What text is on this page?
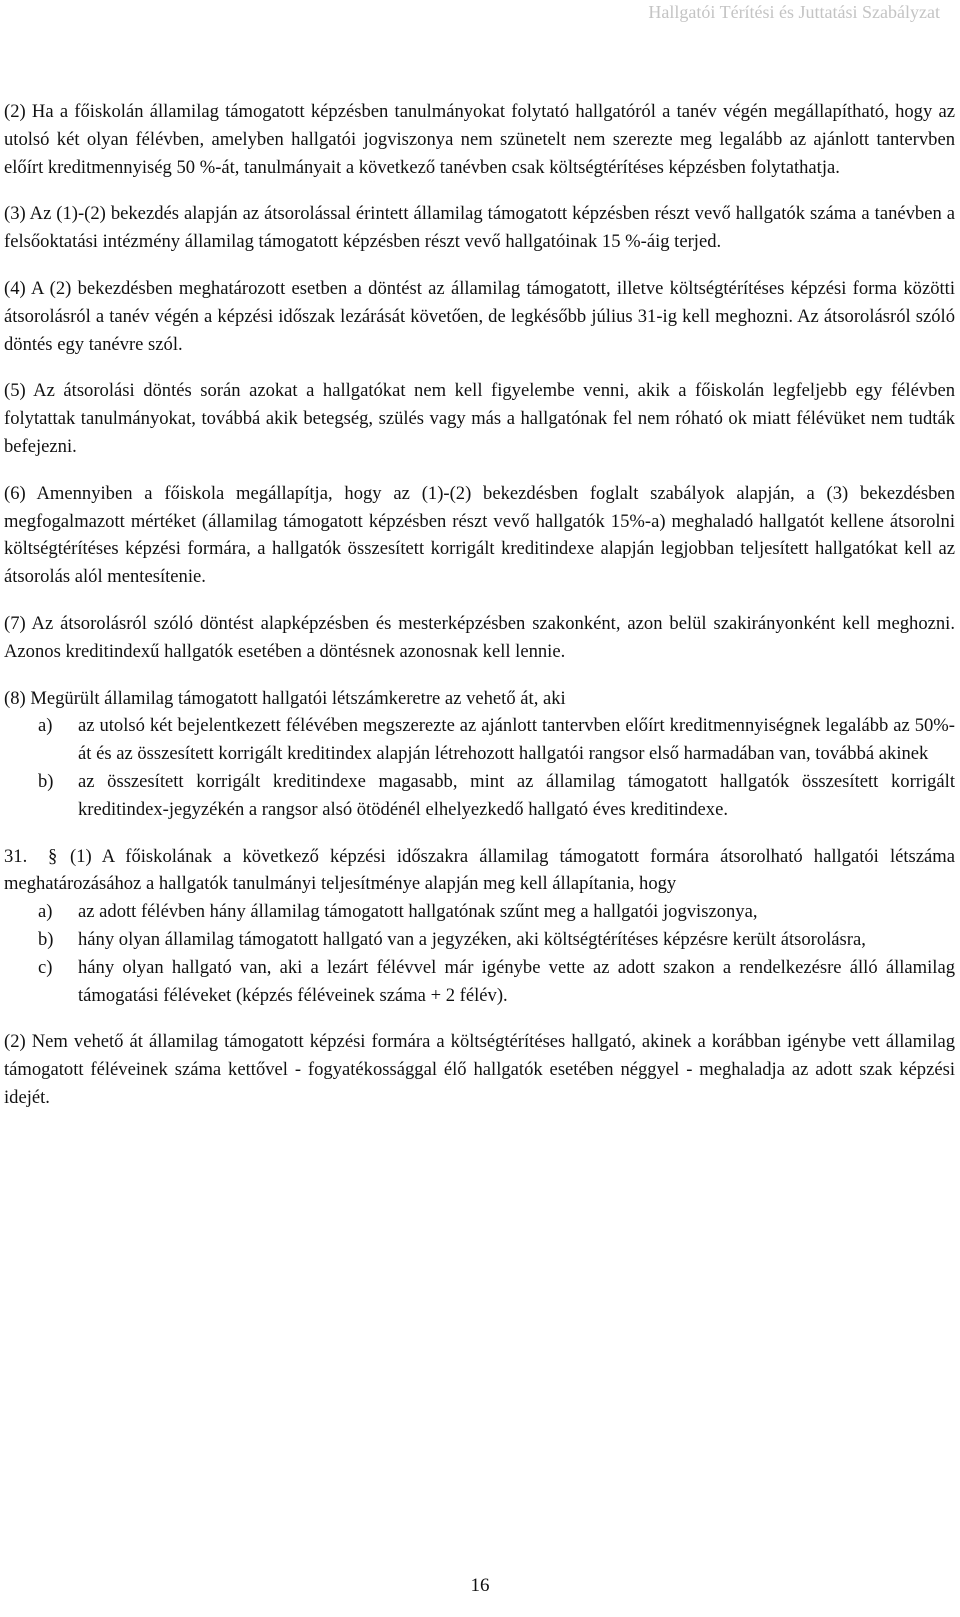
Hallgatói Térítési és Juttatási Szabályzat

(2) Ha a főiskolán államilag támogatott képzésben tanulmányokat folytató hallgatóról a tanév végén megállapítható, hogy az utolsó két olyan félévben, amelyben hallgatói jogviszonya nem szünetelt nem szerezte meg legalább az ajánlott tantervben előírt kreditmennyiség 50 %-át, tanulmányait a következő tanévben csak költségtérítéses képzésben folytathatja.

(3) Az (1)-(2) bekezdés alapján az átsorolással érintett államilag támogatott képzésben részt vevő hallgatók száma a tanévben a felsőoktatási intézmény államilag támogatott képzésben részt vevő hallgatóinak 15 %-áig terjed.

(4) A (2) bekezdésben meghatározott esetben a döntést az államilag támogatott, illetve költségtérítéses képzési forma közötti átsorolásról a tanév végén a képzési időszak lezárását követően, de legkésőbb július 31-ig kell meghozni. Az átsorolásról szóló döntés egy tanévre szól.

(5) Az átsorolási döntés során azokat a hallgatókat nem kell figyelembe venni, akik a főiskolán legfeljebb egy félévben folytattak tanulmányokat, továbbá akik betegség, szülés vagy más a hallgatónak fel nem róható ok miatt félévüket nem tudták befejezni.

(6) Amennyiben a főiskola megállapítja, hogy az (1)-(2) bekezdésben foglalt szabályok alapján, a (3) bekezdésben megfogalmazott mértéket (államilag támogatott képzésben részt vevő hallgatók 15%-a) meghaladó hallgatót kellene átsorolni költségtérítéses képzési formára, a hallgatók összesített korrigált kreditindexe alapján legjobban teljesített hallgatókat kell az átsorolás alól mentesítenie.

(7) Az átsorolásról szóló döntést alapképzésben és mesterképzésben szakonként, azon belül szakirányonként kell meghozni. Azonos kreditindexű hallgatók esetében a döntésnek azonosnak kell lennie.

(8) Megürült államilag támogatott hallgatói létszámkeretre az vehető át, aki
a) az utolsó két bejelentkezett félévében megszerezte az ajánlott tantervben előírt kreditmennyiségnek legalább az 50%-át és az összesített korrigált kreditindex alapján létrehozott hallgatói rangsor első harmadában van, továbbá akinek
b) az összesített korrigált kreditindexe magasabb, mint az államilag támogatott hallgatók összesített korrigált kreditindex-jegyzékén a rangsor alsó ötödénél elhelyezkedő hallgató éves kreditindexe.
31. § (1) A főiskolának a következő képzési időszakra államilag támogatott formára átsorolható hallgatói létszáma meghatározásához a hallgatók tanulmányi teljesítménye alapján meg kell állapítania, hogy
a) az adott félévben hány államilag támogatott hallgatónak szűnt meg a hallgatói jogviszonya,
b) hány olyan államilag támogatott hallgató van a jegyzéken, aki költségtérítéses képzésre került átsorolásra,
c) hány olyan hallgató van, aki a lezárt félévvel már igénybe vette az adott szakon a rendelkezésre álló államilag támogatási féléveket (képzés féléveinek száma + 2 félév).

(2) Nem vehető át államilag támogatott képzési formára a költségtérítéses hallgató, akinek a korábban igénybe vett államilag támogatott féléveinek száma kettővel - fogyatékossággal élő hallgatók esetében néggyel - meghaladja az adott szak képzési idejét.

16
